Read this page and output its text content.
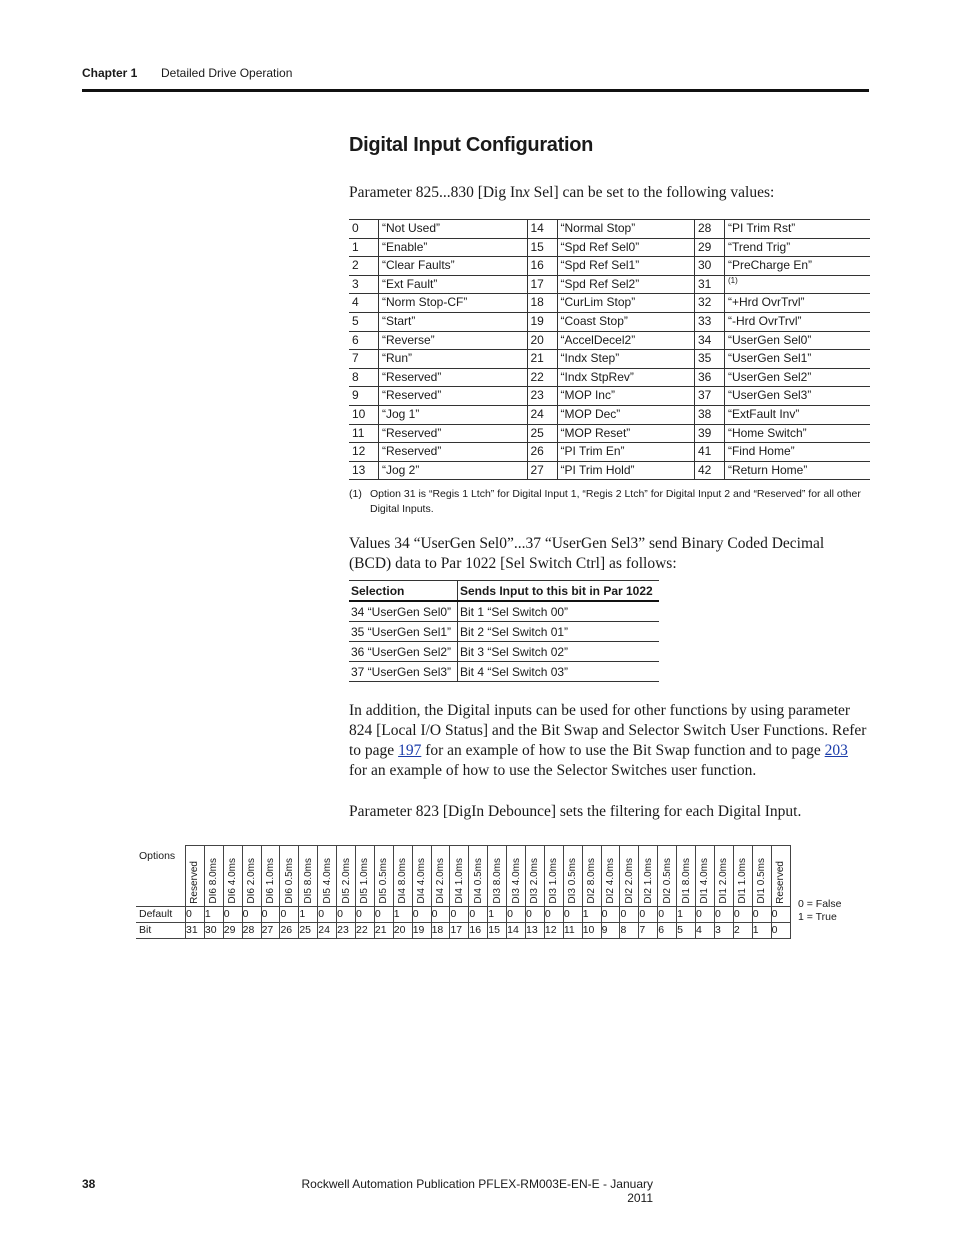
Chapter 1 Detailed Drive Operation
Digital Input Configuration

Parameter 825...830 [Dig Inx Sel] can be set to the following values:

0	“Not Used”	14	“Normal Stop”	28	“PI Trim Rst”
1	“Enable”	15	“Spd Ref Sel0”	29	“Trend Trig”
2	“Clear Faults”	16	“Spd Ref Sel1”	30	“PreCharge En”
3	“Ext Fault”	17	“Spd Ref Sel2”	31	$^{(1)}$
4	“Norm Stop-CF”	18	“CurLim Stop”	32	“+Hrd OvrTrvl”
5	“Start”	19	“Coast Stop”	33	“-Hrd OvrTrvl”
6	“Reverse”	20	“AccelDecel2”	34	“UserGen Sel0”
7	“Run”	21	“Indx Step”	35	“UserGen Sel1”
8	“Reserved”	22	“Indx StpRev”	36	“UserGen Sel2”
9	“Reserved”	23	“MOP Inc”	37	“UserGen Sel3”
10	“Jog 1”	24	“MOP Dec”	38	“ExtFault Inv”
11	“Reserved”	25	“MOP Reset”	39	“Home Switch”
12	“Reserved”	26	“PI Trim En”	41	“Find Home”
13	“Jog 2”	27	“PI Trim Hold”	42	“Return Home”
(1) Option 31 is “Regis 1 Ltch” for Digital Input 1, “Regis 2 Ltch” for Digital Input 2 and “Reserved” for all other Digital Inputs.

Values 34 “UserGen Sel0”...37 “UserGen Sel3” send Binary Coded Decimal (BCD) data to Par 1022 [Sel Switch Ctrl] as follows:

Selection	Sends Input to this bit in Par 1022
34 “UserGen Sel0”	Bit 1 “Sel Switch 00”
35 “UserGen Sel1”	Bit 2 “Sel Switch 01”
36 “UserGen Sel2”	Bit 3 “Sel Switch 02”
37 “UserGen Sel3”	Bit 4 “Sel Switch 03”

In addition, the Digital inputs can be used for other functions by using parameter 824 [Local I/O Status] and the Bit Swap and Selector Switch User Functions. Refer to page 197 for an example of how to use the Bit Swap function and to page 203 for an example of how to use the Selector Switches user function.

Parameter 823 [DigIn Debounce] sets the filtering for each Digital Input.

Options	Reserved	DI6 8.0ms	DI6 4.0ms	DI6 2.0ms	DI6 1.0ms	DI6 0.5ms	DI5 8.0ms	DI5 4.0ms	DI5 2.0ms	DI5 1.0ms	DI5 0.5ms	DI4 8.0ms	DI4 4.0ms	DI4 2.0ms	DI4 1.0ms	DI4 0.5ms	DI3 8.0ms	DI3 4.0ms	DI3 2.0ms	DI3 1.0ms	DI3 0.5ms	DI2 8.0ms	DI2 4.0ms	DI2 2.0ms	DI2 1.0ms	DI2 0.5ms	DI1 8.0ms	DI1 4.0ms	DI1 2.0ms	DI1 1.0ms	DI1 0.5ms	Reserved

Default	0	1	0	0	0	0	1	0	0	0	0	1	0	0	0	0	1	0	0	0	0	1	0	0	0	0	1	0	0	0	0	0
Bit	31	30	29	28	27	26	25	24	23	22	21	20	19	18	17	16	15	14	13	12	11	10	9	8	7	6	5	4	3	2	1	0
0 = False
1 = True
38	Rockwell Automation Publication PFLEX-RM003E-EN-E - January 2011
